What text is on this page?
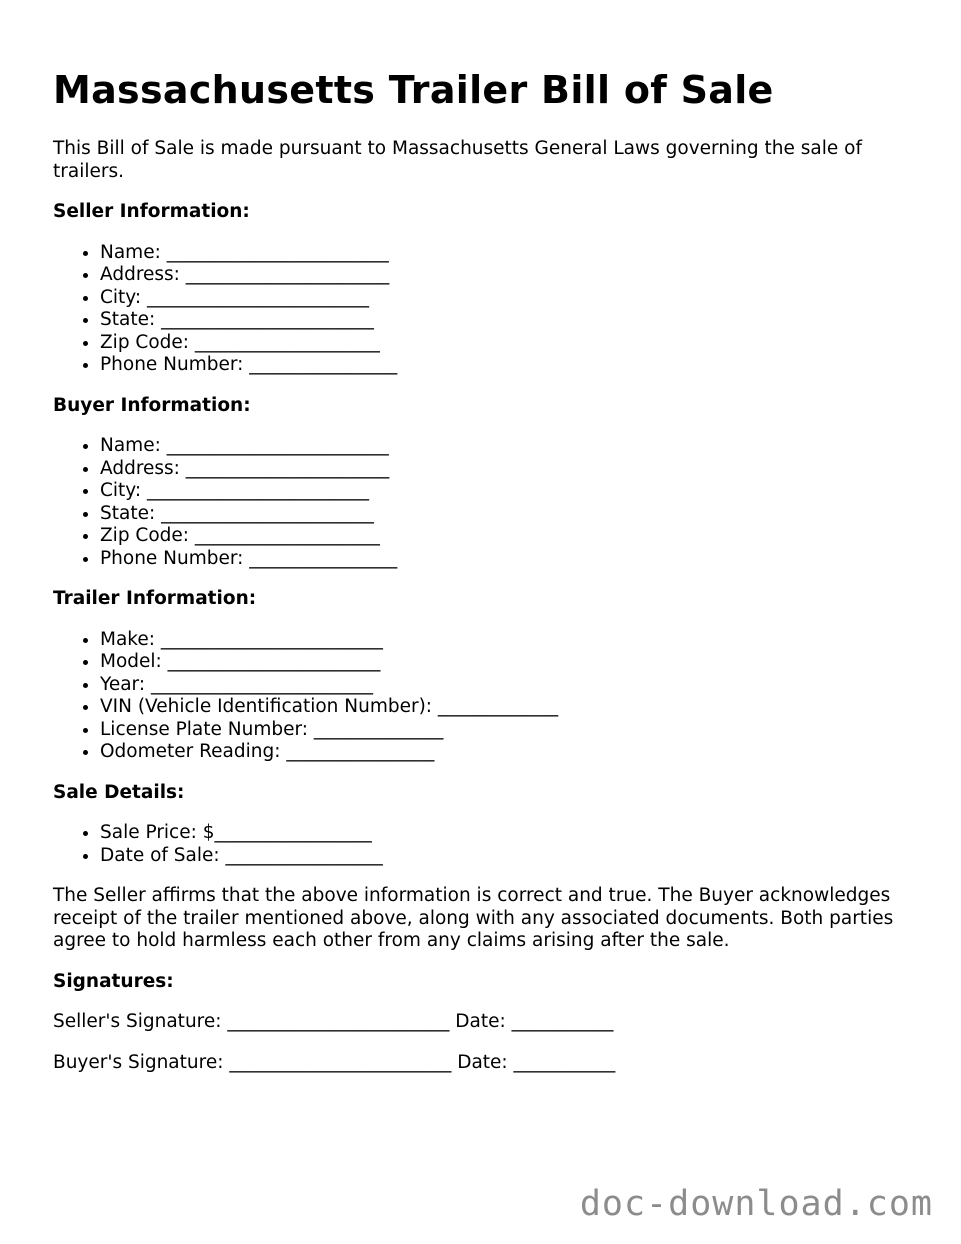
Massachusetts Trailer Bill of Sale

This Bill of Sale is made pursuant to Massachusetts General Laws governing the sale of trailers.

Seller Information:
• Name: ________________________
• Address: ______________________
• City: ________________________
• State: _______________________
• Zip Code: ____________________
• Phone Number: ________________
Buyer Information:
• Name: ________________________
• Address: ______________________
• City: ________________________
• State: _______________________
• Zip Code: ____________________
• Phone Number: ________________
Trailer Information:
• Make: ________________________
• Model: _______________________
• Year: ________________________
• VIN (Vehicle Identification Number): _____________
• License Plate Number: ______________
• Odometer Reading: ________________
Sale Details:
• Sale Price: $_________________
• Date of Sale: _________________

The Seller affirms that the above information is correct and true. The Buyer acknowledges receipt of the trailer mentioned above, along with any associated documents. Both parties agree to hold harmless each other from any claims arising after the sale.

Signatures:
Seller's Signature: ________________________ Date: ___________
Buyer's Signature: ________________________ Date: ___________
doc-download.com
